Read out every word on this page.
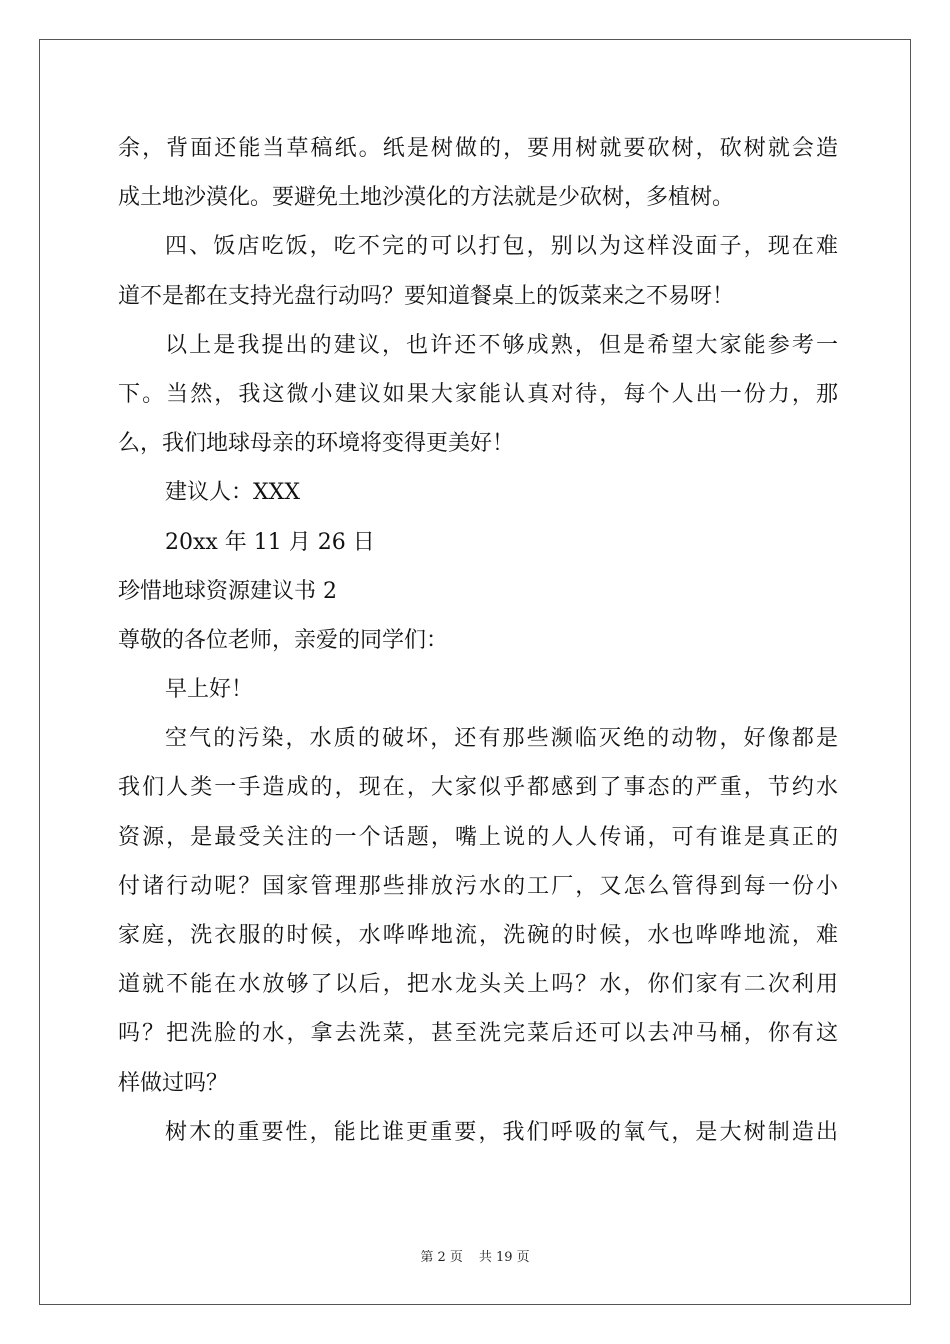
余，背面还能当草稿纸。纸是树做的，要用树就要砍树，砍树就会造
成土地沙漠化。要避免土地沙漠化的方法就是少砍树，多植树。
四、饭店吃饭，吃不完的可以打包，别以为这样没面子，现在难
道不是都在支持光盘行动吗？要知道餐桌上的饭菜来之不易呀！
以上是我提出的建议，也许还不够成熟，但是希望大家能参考一
下。当然，我这微小建议如果大家能认真对待，每个人出一份力，那
么，我们地球母亲的环境将变得更美好！
建议人：XXX
20xx 年 11 月 26 日
珍惜地球资源建议书 2
尊敬的各位老师，亲爱的同学们：
早上好！
空气的污染，水质的破坏，还有那些濒临灭绝的动物，好像都是
我们人类一手造成的，现在，大家似乎都感到了事态的严重，节约水
资源，是最受关注的一个话题，嘴上说的人人传诵，可有谁是真正的
付诸行动呢？国家管理那些排放污水的工厂，又怎么管得到每一份小
家庭，洗衣服的时候，水哗哗地流，洗碗的时候，水也哗哗地流，难
道就不能在水放够了以后，把水龙头关上吗？水，你们家有二次利用
吗？把洗脸的水，拿去洗菜，甚至洗完菜后还可以去冲马桶，你有这
样做过吗？
树木的重要性，能比谁更重要，我们呼吸的氧气，是大树制造出
第 2 页 共 19 页
